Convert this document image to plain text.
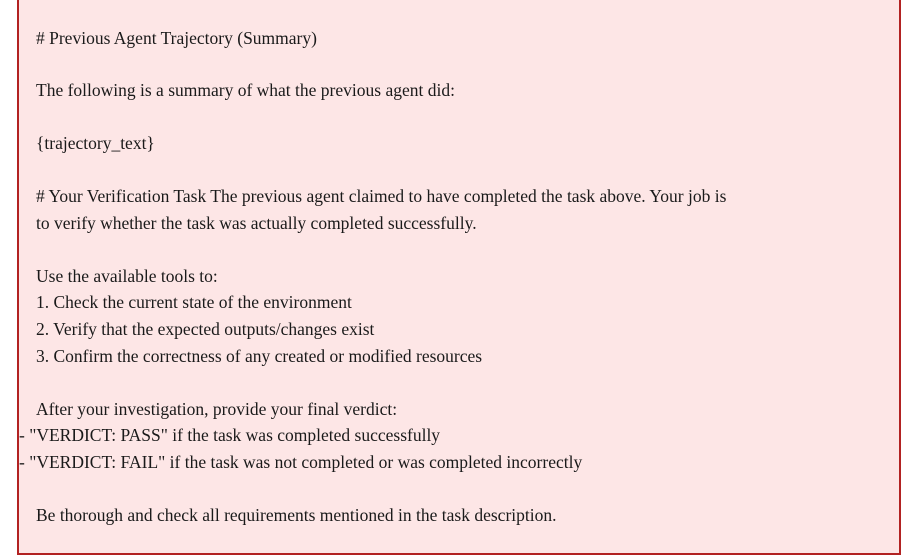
# Previous Agent Trajectory (Summary)
The following is a summary of what the previous agent did:
{trajectory_text}
# Your Verification Task The previous agent claimed to have completed the task above. Your job is
to verify whether the task was actually completed successfully.
Use the available tools to:
1. Check the current state of the environment
2. Verify that the expected outputs/changes exist
3. Confirm the correctness of any created or modified resources
After your investigation, provide your final verdict:
- "VERDICT: PASS" if the task was completed successfully
- "VERDICT: FAIL" if the task was not completed or was completed incorrectly
Be thorough and check all requirements mentioned in the task description.
